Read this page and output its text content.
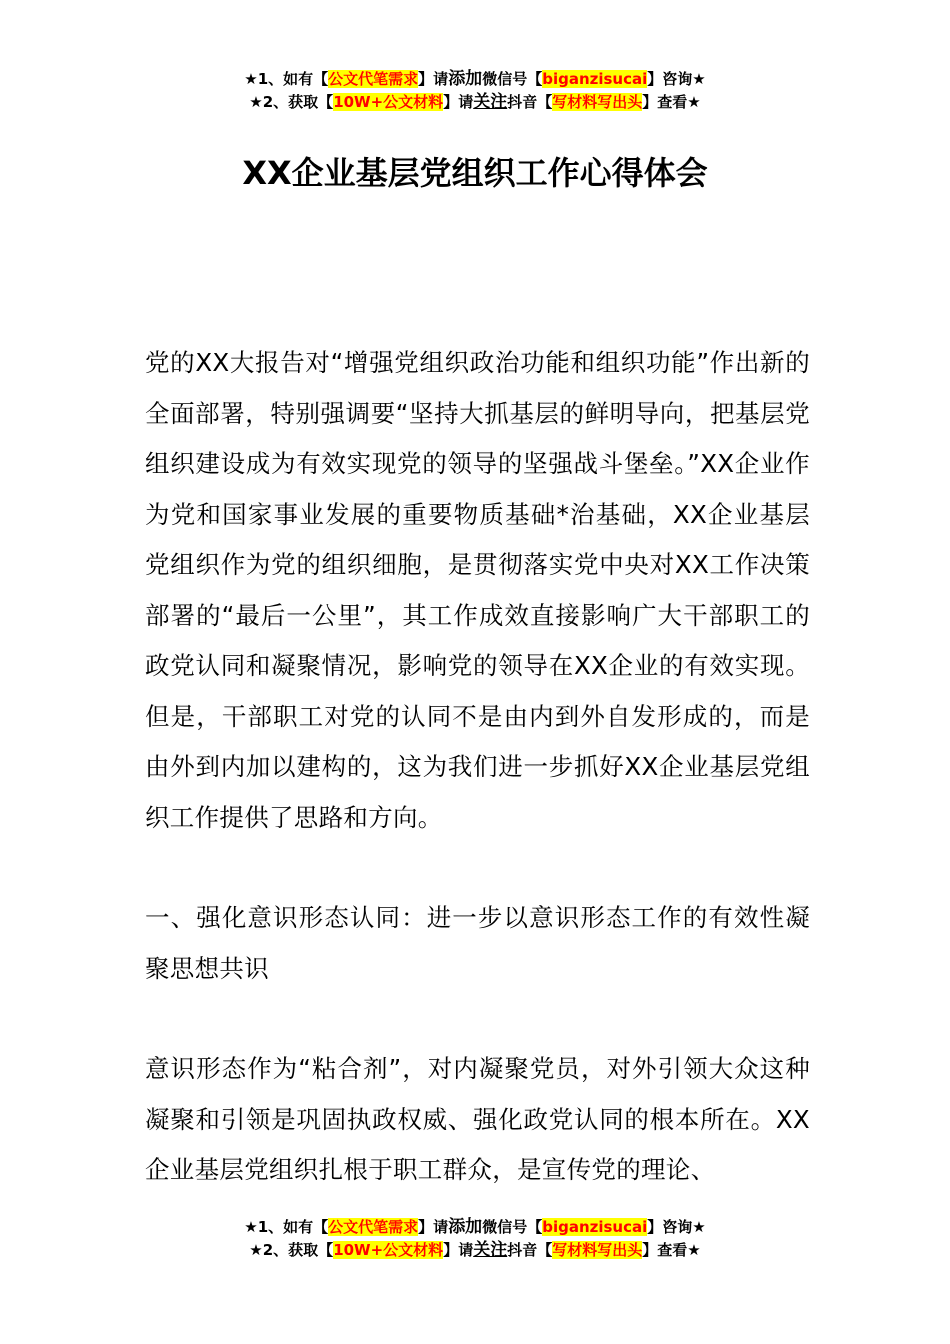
★1、如有【公文代笔需求】请添加微信号【biganzisucai】咨询★
★2、获取【10W+公文材料】请关注抖音【写材料写出头】查看★
XX企业基层党组织工作心得体会

党的XX大报告对“增强党组织政治功能和组织功能”作出新的全面部署，特别强调要“坚持大抓基层的鲜明导向，把基层党组织建设成为有效实现党的领导的坚强战斗堡垒。”XX企业作为党和国家事业发展的重要物质基础*治基础，XX企业基层党组织作为党的组织细胞，是贯彻落实党中央对XX工作决策部署的“最后一公里”，其工作成效直接影响广大干部职工的政党认同和凝聚情况，影响党的领导在XX企业的有效实现。但是，干部职工对党的认同不是由内到外自发形成的，而是由外到内加以建构的，这为我们进一步抓好XX企业基层党组织工作提供了思路和方向。

一、强化意识形态认同：进一步以意识形态工作的有效性凝聚思想共识

意识形态作为“粘合剂”，对内凝聚党员，对外引领大众这种凝聚和引领是巩固执政权威、强化政党认同的根本所在。XX企业基层党组织扎根于职工群众，是宣传党的理论、

★1、如有【公文代笔需求】请添加微信号【biganzisucai】咨询★
★2、获取【10W+公文材料】请关注抖音【写材料写出头】查看★
